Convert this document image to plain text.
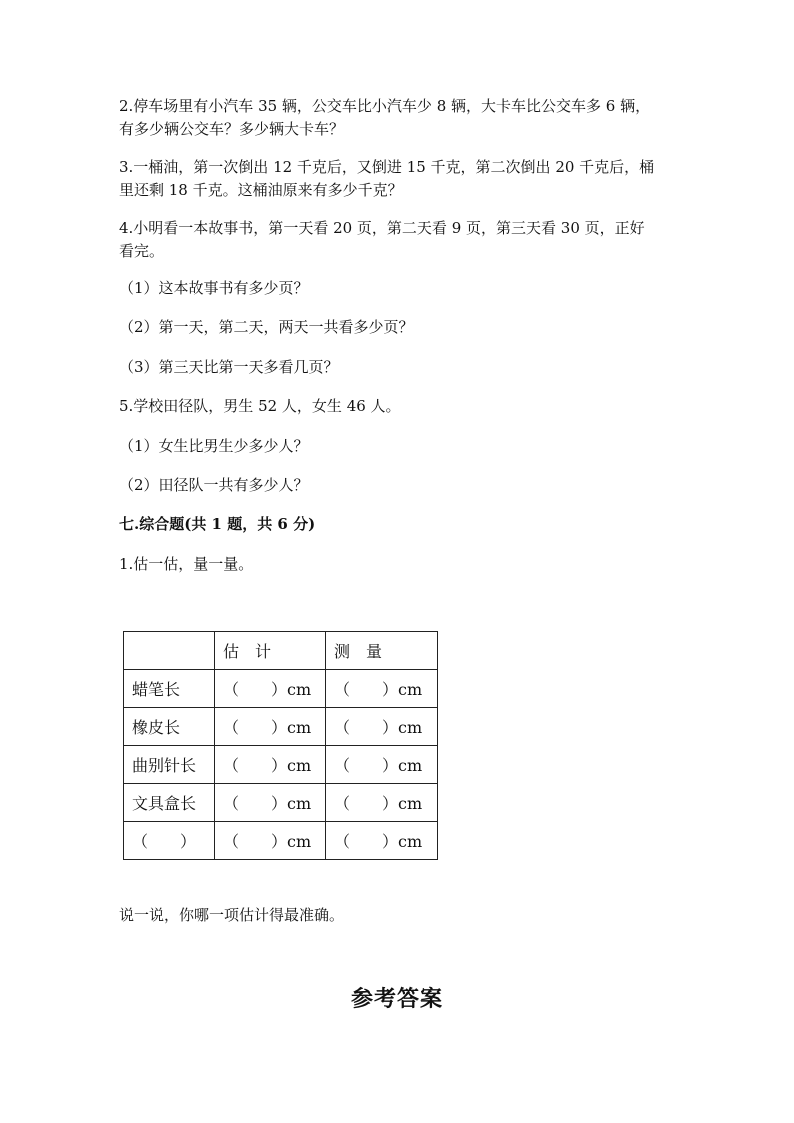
2.停车场里有小汽车 35 辆，公交车比小汽车少 8 辆，大卡车比公交车多 6 辆，

有多少辆公交车？多少辆大卡车？

3.一桶油，第一次倒出 12 千克后，又倒进 15 千克，第二次倒出 20 千克后，桶

里还剩 18 千克。这桶油原来有多少千克？

4.小明看一本故事书，第一天看 20 页，第二天看 9 页，第三天看 30 页，正好

看完。

（1）这本故事书有多少页？

（2）第一天，第二天，两天一共看多少页？

（3）第三天比第一天多看几页？

5.学校田径队，男生 52 人，女生 46 人。

（1）女生比男生少多少人？

（2）田径队一共有多少人？

七.综合题(共 1 题，共 6 分)

1.估一估，量一量。

	估　计	测　量
蜡笔长	（　　）cm	（　　）cm
橡皮长	（　　）cm	（　　）cm
曲别针长	（　　）cm	（　　）cm
文具盒长	（　　）cm	（　　）cm
（　　）	（　　）cm	（　　）cm

说一说，你哪一项估计得最准确。

参考答案
